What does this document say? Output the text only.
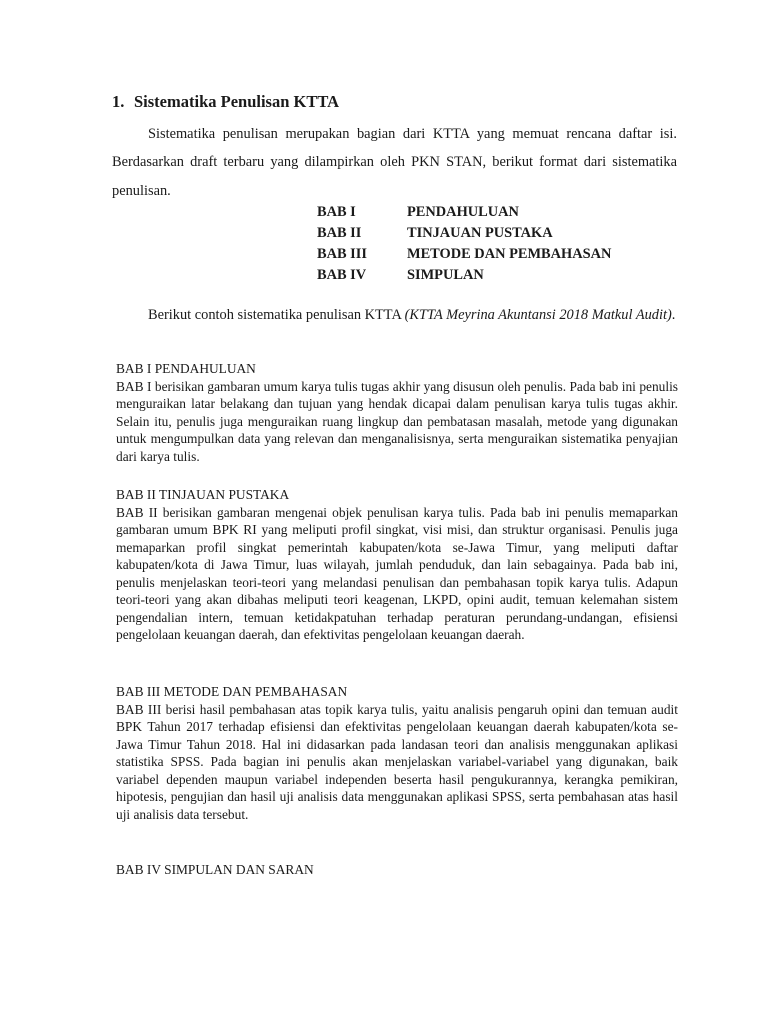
1. Sistematika Penulisan KTTA

Sistematika penulisan merupakan bagian dari KTTA yang memuat rencana daftar isi. Berdasarkan draft terbaru yang dilampirkan oleh PKN STAN, berikut format dari sistematika penulisan.

BAB I	PENDAHULUAN
BAB II	TINJAUAN PUSTAKA
BAB III	METODE DAN PEMBAHASAN
BAB IV	SIMPULAN

Berikut contoh sistematika penulisan KTTA (KTTA Meyrina Akuntansi 2018 Matkul Audit).

BAB I PENDAHULUAN
BAB I berisikan gambaran umum karya tulis tugas akhir yang disusun oleh penulis. Pada bab ini penulis menguraikan latar belakang dan tujuan yang hendak dicapai dalam penulisan karya tulis tugas akhir. Selain itu, penulis juga menguraikan ruang lingkup dan pembatasan masalah, metode yang digunakan untuk mengumpulkan data yang relevan dan menganalisisnya, serta menguraikan sistematika penyajian dari karya tulis.
BAB II TINJAUAN PUSTAKA
BAB II berisikan gambaran mengenai objek penulisan karya tulis. Pada bab ini penulis memaparkan gambaran umum BPK RI yang meliputi profil singkat, visi misi, dan struktur organisasi. Penulis juga memaparkan profil singkat pemerintah kabupaten/kota se-Jawa Timur, yang meliputi daftar kabupaten/kota di Jawa Timur, luas wilayah, jumlah penduduk, dan lain sebagainya. Pada bab ini, penulis menjelaskan teori-teori yang melandasi penulisan dan pembahasan topik karya tulis. Adapun teori-teori yang akan dibahas meliputi teori keagenan, LKPD, opini audit, temuan kelemahan sistem pengendalian intern, temuan ketidakpatuhan terhadap peraturan perundang-undangan, efisiensi pengelolaan keuangan daerah, dan efektivitas pengelolaan keuangan daerah.
BAB III METODE DAN PEMBAHASAN
BAB III berisi hasil pembahasan atas topik karya tulis, yaitu analisis pengaruh opini dan temuan audit BPK Tahun 2017 terhadap efisiensi dan efektivitas pengelolaan keuangan daerah kabupaten/kota se-Jawa Timur Tahun 2018. Hal ini didasarkan pada landasan teori dan analisis menggunakan aplikasi statistika SPSS. Pada bagian ini penulis akan menjelaskan variabel-variabel yang digunakan, baik variabel dependen maupun variabel independen beserta hasil pengukurannya, kerangka pemikiran, hipotesis, pengujian dan hasil uji analisis data menggunakan aplikasi SPSS, serta pembahasan atas hasil uji analisis data tersebut.
BAB IV SIMPULAN DAN SARAN
